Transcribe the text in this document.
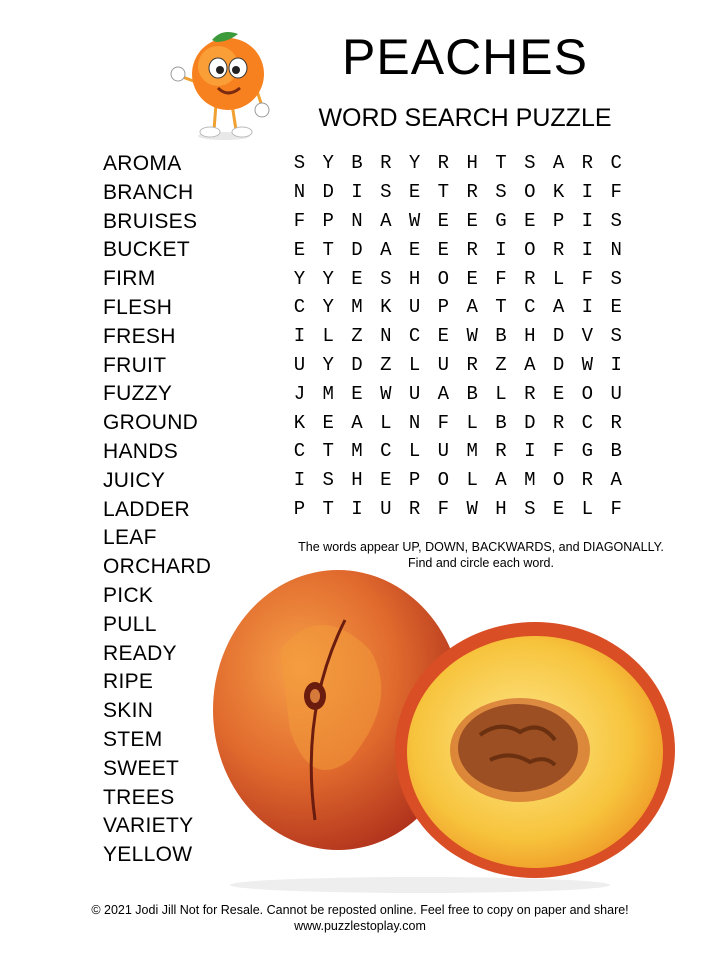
PEACHES
WORD SEARCH PUZZLE
AROMA
BRANCH
BRUISES
BUCKET
FIRM
FLESH
FRESH
FRUIT
FUZZY
GROUND
HANDS
JUICY
LADDER
LEAF
ORCHARD
PICK
PULL
READY
RIPE
SKIN
STEM
SWEET
TREES
VARIETY
YELLOW
S	Y	B	R	Y	R	H	T	S	A	R	C
N	D	I	S	E	T	R	S	O	K	I	F
F	P	N	A	W	E	E	G	E	P	I	S
E	T	D	A	E	E	R	I	O	R	I	N
Y	Y	E	S	H	O	E	F	R	L	F	S
C	Y	M	K	U	P	A	T	C	A	I	E
I	L	Z	N	C	E	W	B	H	D	V	S
U	Y	D	Z	L	U	R	Z	A	D	W	I
J	M	E	W	U	A	B	L	R	E	O	U
K	E	A	L	N	F	L	B	D	R	C	R
C	T	M	C	L	U	M	R	I	F	G	B
I	S	H	E	P	O	L	A	M	O	R	A
P	T	I	U	R	F	W	H	S	E	L	F
The words appear UP, DOWN, BACKWARDS, and DIAGONALLY.
Find and circle each word.
© 2021 Jodi Jill Not for Resale. Cannot be reposted online. Feel free to copy on paper and share!
www.puzzlestoplay.com
